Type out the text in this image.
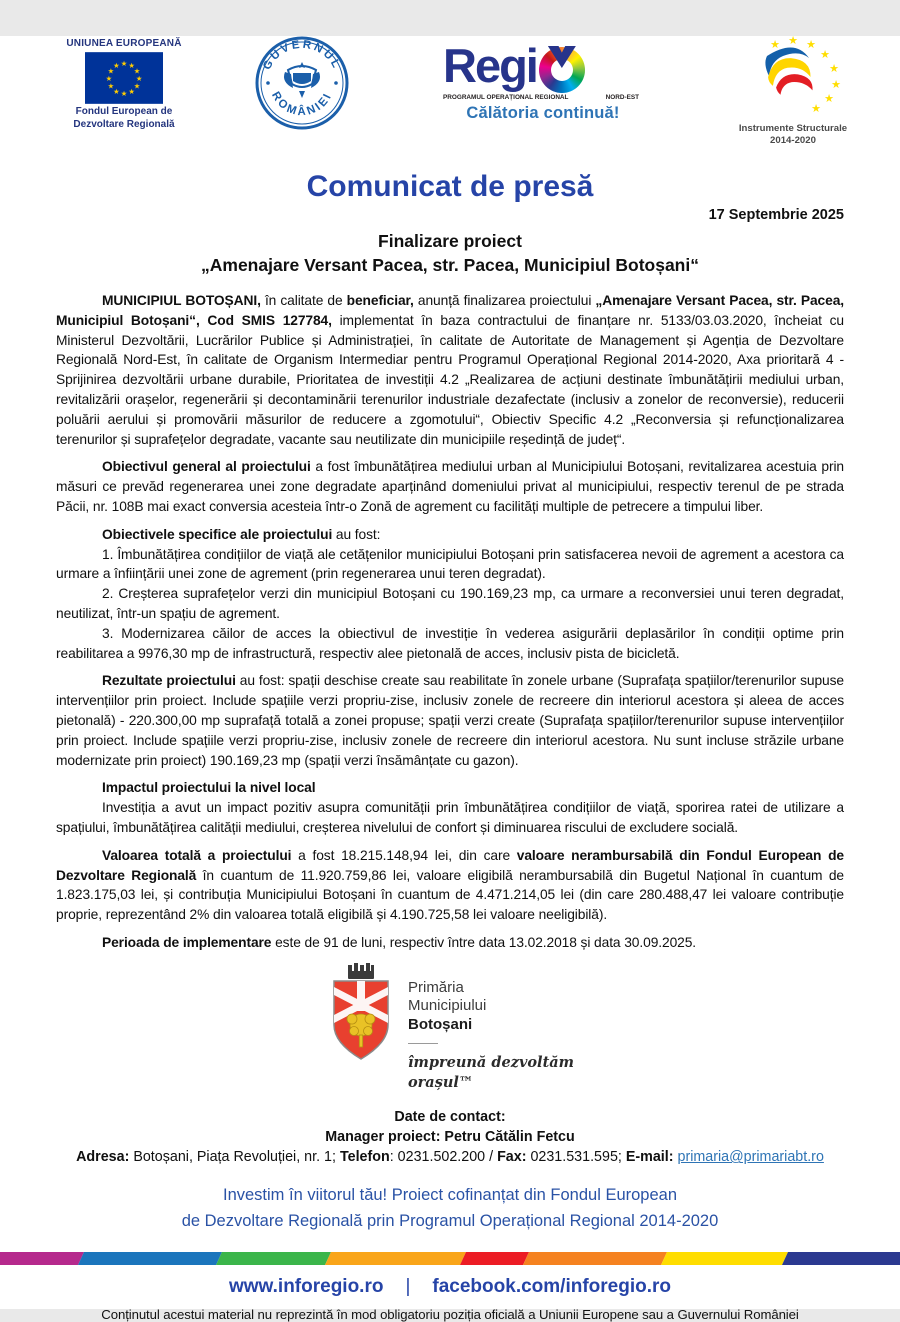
UNIUNEA EUROPEANĂ
★ ★
★
★
★
★
★
★
★
★
★
★
Fondul European de
Dezvoltare Regională
GUVERNUL
ROMÂNIEI
Regi
PROGRAMUL OPERAȚIONAL REGIONAL	NORD-EST
Călătoria continuă!
★ ★ ★
★
★
★
★
★
Instrumente Structurale
2014-2020
Comunicat de presă
17 Septembrie 2025
Finalizare proiect
„Amenajare Versant Pacea, str. Pacea, Municipiul Botoșani“

MUNICIPIUL BOTOȘANI, în calitate de beneficiar, anunță finalizarea proiectului „Amenajare Versant Pacea, str. Pacea, Municipiul Botoșani“, Cod SMIS 127784, implementat în baza contractului de finanțare nr. 5133/03.03.2020, încheiat cu Ministerul Dezvoltării, Lucrărilor Publice și Administrației, în calitate de Autoritate de Management și Agenția de Dezvoltare Regională Nord-Est, în calitate de Organism Intermediar pentru Programul Operațional Regional 2014-2020, Axa prioritară 4 - Sprijinirea dezvoltării urbane durabile, Prioritatea de investiții 4.2 „Realizarea de acțiuni destinate îmbunătățirii mediului urban, revitalizării orașelor, regenerării și decontaminării terenurilor industriale dezafectate (inclusiv a zonelor de reconversie), reducerii poluării aerului și promovării măsurilor de reducere a zgomotului“, Obiectiv Specific 4.2 „Reconversia și refuncționalizarea terenurilor și suprafețelor degradate, vacante sau neutilizate din municipiile reședință de județ“.

Obiectivul general al proiectului a fost îmbunătățirea mediului urban al Municipiului Botoșani, revitalizarea acestuia prin măsuri ce prevăd regenerarea unei zone degradate aparținând domeniului privat al municipiului, respectiv terenul de pe strada Păcii, nr. 108B mai exact conversia acesteia într-o Zonă de agrement cu facilități multiple de petrecere a timpului liber.

Obiectivele specifice ale proiectului au fost:

1. Îmbunătățirea condițiilor de viață ale cetățenilor municipiului Botoșani prin satisfacerea nevoii de agrement a acestora ca urmare a înființării unei zone de agrement (prin regenerarea unui teren degradat).

2. Creșterea suprafețelor verzi din municipiul Botoșani cu 190.169,23 mp, ca urmare a reconversiei unui teren degradat, neutilizat, într-un spațiu de agrement.

3. Modernizarea căilor de acces la obiectivul de investiție în vederea asigurării deplasărilor în condiții optime prin reabilitarea a 9976,30 mp de infrastructură, respectiv alee pietonală de acces, inclusiv pista de bicicletă.

Rezultate proiectului au fost: spații deschise create sau reabilitate în zonele urbane (Suprafața spațiilor/terenurilor supuse intervențiilor prin proiect. Include spațiile verzi propriu-zise, inclusiv zonele de recreere din interiorul acestora și aleea de acces pietonală) - 220.300,00 mp suprafață totală a zonei propuse; spații verzi create (Suprafața spațiilor/terenurilor supuse intervențiilor prin proiect. Include spațiile verzi propriu-zise, inclusiv zonele de recreere din interiorul acestora. Nu sunt incluse străzile urbane modernizate prin proiect) 190.169,23 mp (spații verzi însămânțate cu gazon).

Impactul proiectului la nivel local

Investiția a avut un impact pozitiv asupra comunității prin îmbunătățirea condițiilor de viață, sporirea ratei de utilizare a spațiului, îmbunătățirea calității mediului, creșterea nivelului de confort și diminuarea riscului de excludere socială.

Valoarea totală a proiectului a fost 18.215.148,94 lei, din care valoare nerambursabilă din Fondul European de Dezvoltare Regională în cuantum de 11.920.759,86 lei, valoare eligibilă nerambursabilă din Bugetul Național în cuantum de 1.823.175,03 lei, și contribuția Municipiului Botoșani în cuantum de 4.471.214,05 lei (din care 280.488,47 lei valoare contribuție proprie, reprezentând 2% din valoarea totală eligibilă și 4.190.725,58 lei valoare neeligibilă).

Perioada de implementare este de 91 de luni, respectiv între data 13.02.2018 și data 30.09.2025.

Primăria
Municipiului
Botoșani
împreună dezvoltăm
orașul™
Date de contact:
Manager proiect: Petru Cătălin Fetcu
Adresa: Botoșani, Piața Revoluției, nr. 1; Telefon: 0231.502.200 / Fax: 0231.531.595; E-mail: primaria@primariabt.ro
Investim în viitorul tău! Proiect cofinanțat din Fondul European
de Dezvoltare Regională prin Programul Operațional Regional 2014-2020
www.inforegio.ro | facebook.com/inforegio.ro
Conținutul acestui material nu reprezintă în mod obligatoriu poziția oficială a Uniunii Europene sau a Guvernului României
